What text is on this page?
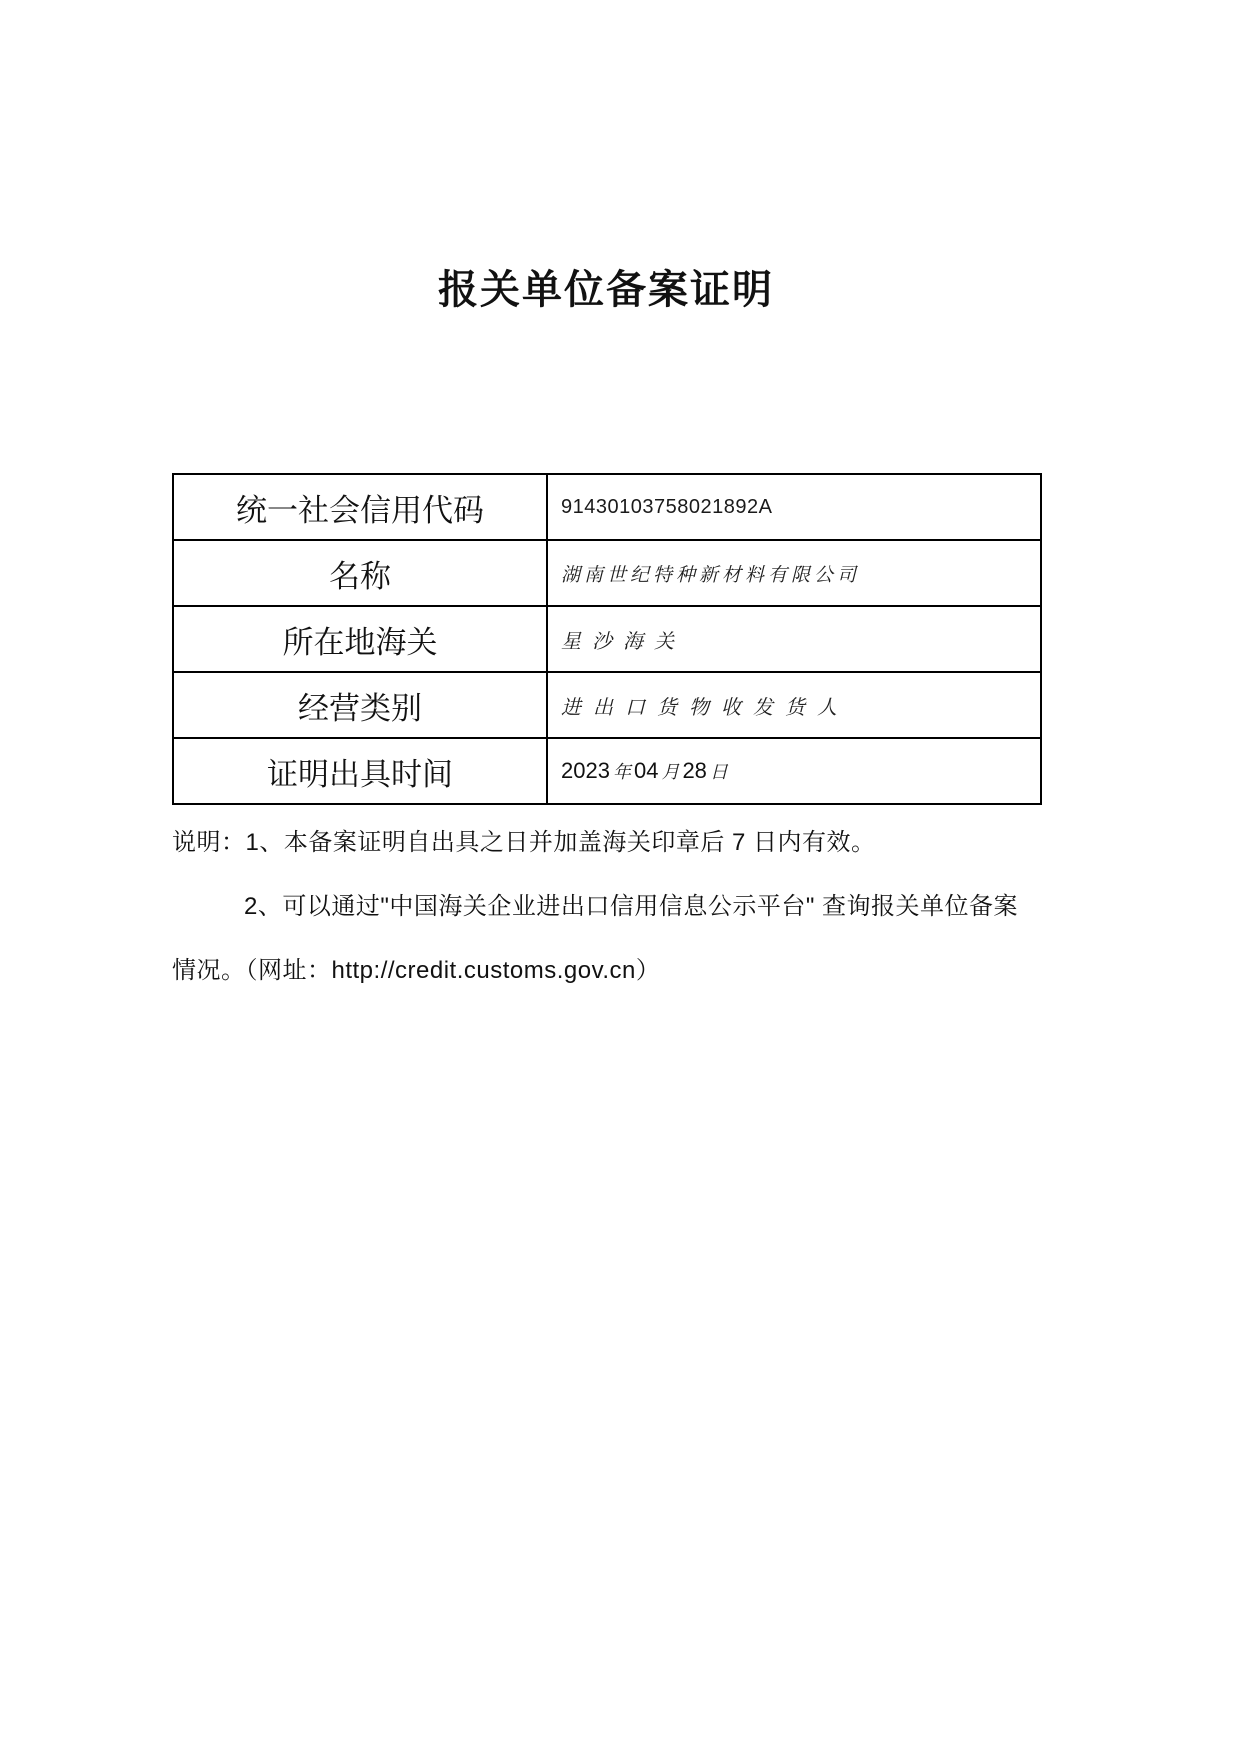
报关单位备案证明
统一社会信用代码	91430103758021892A
名称	湖南世纪特种新材料有限公司
所在地海关	星沙海关
经营类别	进出口货物收发货人
证明出具时间	2023 年 04 月 28 日
说明：1、本备案证明自出具之日并加盖海关印章后 7 日内有效。
2、可以通过"中国海关企业进出口信用信息公示平台" 查询报关单位备案
情况。（网址：http://credit.customs.gov.cn）
